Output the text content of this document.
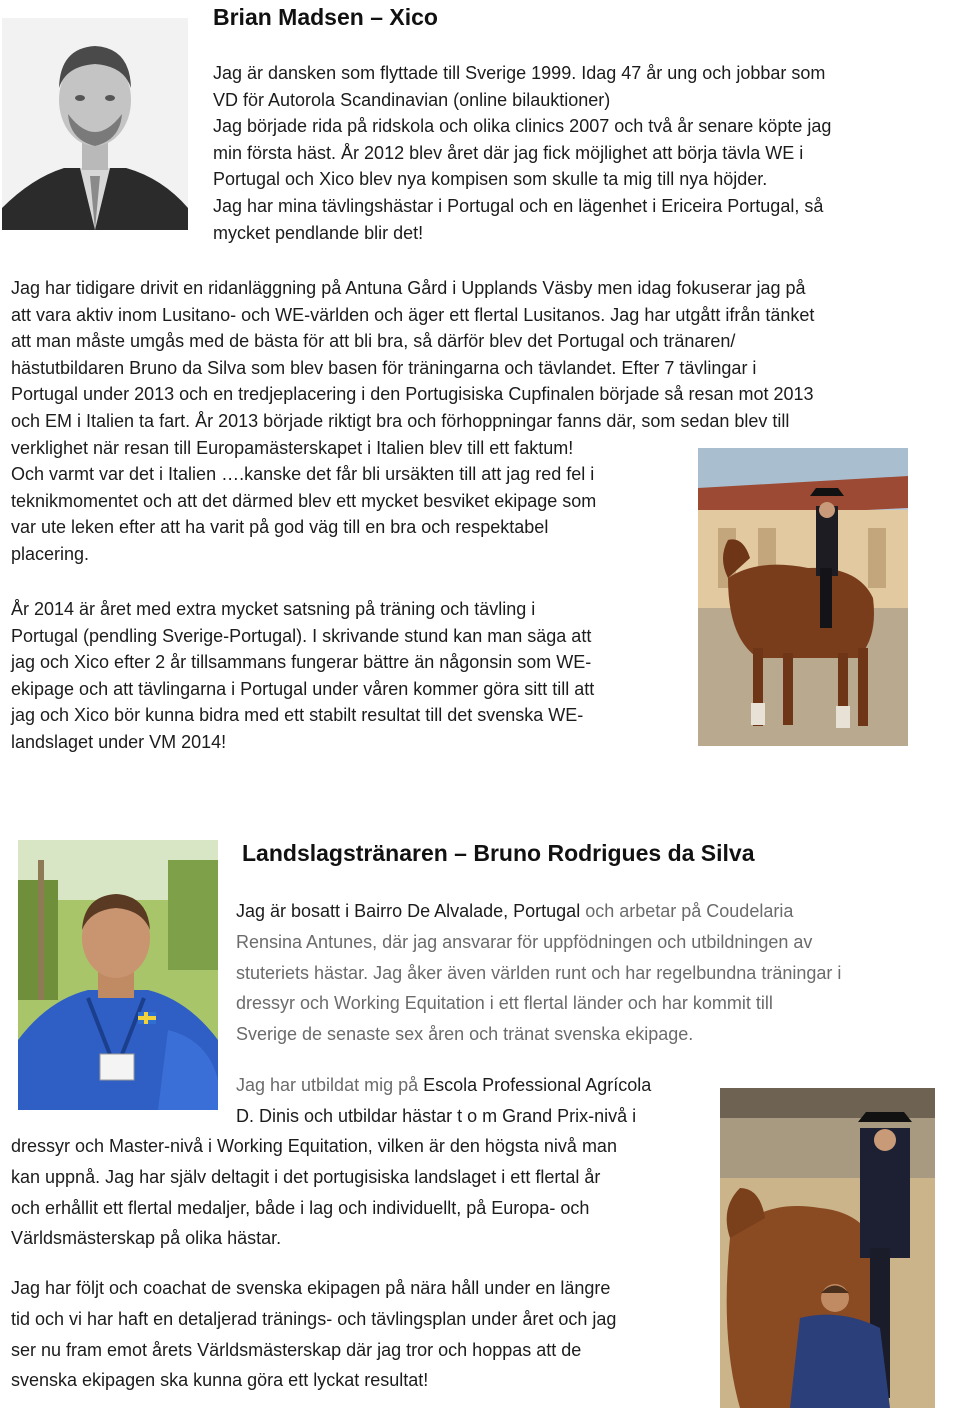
Brian Madsen – Xico
Jag är dansken som flyttade till Sverige 1999. Idag 47 år ung och jobbar som
VD för Autorola Scandinavian (online bilauktioner)
Jag började rida på ridskola och olika clinics 2007 och två år senare köpte jag
min första häst. År 2012 blev året där jag fick möjlighet att börja tävla WE i
Portugal och Xico blev nya kompisen som skulle ta mig till nya höjder.
Jag har mina tävlingshästar i Portugal och en lägenhet i Ericeira Portugal, så
mycket pendlande blir det!
Jag har tidigare drivit en ridanläggning på Antuna Gård i Upplands Väsby men idag fokuserar jag på
att vara aktiv inom Lusitano- och WE-världen och äger ett flertal Lusitanos. Jag har utgått ifrån tänket
att man måste umgås med de bästa för att bli bra, så därför blev det Portugal och tränaren/
hästutbildaren Bruno da Silva som blev basen för träningarna och tävlandet. Efter 7 tävlingar i
Portugal under 2013 och en tredjeplacering i den Portugisiska Cupfinalen började så resan mot 2013
och EM i Italien ta fart. År 2013 började riktigt bra och förhoppningar fanns där, som sedan blev till
verklighet när resan till Europamästerskapet i Italien blev till ett faktum!
Och varmt var det i Italien ….kanske det får bli ursäkten till att jag red fel i
teknikmomentet och att det därmed blev ett mycket besviket ekipage som
var ute leken efter att ha varit på god väg till en bra och respektabel
placering.
År 2014 är året med extra mycket satsning på träning och tävling i
Portugal (pendling Sverige-Portugal). I skrivande stund kan man säga att
jag och Xico efter 2 år tillsammans fungerar bättre än någonsin som WE-
ekipage och att tävlingarna i Portugal under våren kommer göra sitt till att
jag och Xico bör kunna bidra med ett stabilt resultat till det svenska WE-
landslaget under VM 2014!
Landslagstränaren – Bruno Rodrigues da Silva
Jag är bosatt i Bairro De Alvalade, Portugal och arbetar på Coudelaria
Rensina Antunes, där jag ansvarar för uppfödningen och utbildningen av
stuteriets hästar. Jag åker även världen runt och har regelbundna träningar i
dressyr och Working Equitation i ett flertal länder och har kommit till
Sverige de senaste sex åren och tränat svenska ekipage.
Jag har utbildat mig på Escola Professional Agrícola
D. Dinis och utbildar hästar t o m Grand Prix-nivå i
dressyr och Master-nivå i Working Equitation, vilken är den högsta nivå man
kan uppnå. Jag har själv deltagit i det portugisiska landslaget i ett flertal år
och erhållit ett flertal medaljer, både i lag och individuellt, på Europa- och
Världsmästerskap på olika hästar.
Jag har följt och coachat de svenska ekipagen på nära håll under en längre
tid och vi har haft en detaljerad tränings- och tävlingsplan under året och jag
ser nu fram emot årets Världsmästerskap där jag tror och hoppas att de
svenska ekipagen ska kunna göra ett lyckat resultat!
